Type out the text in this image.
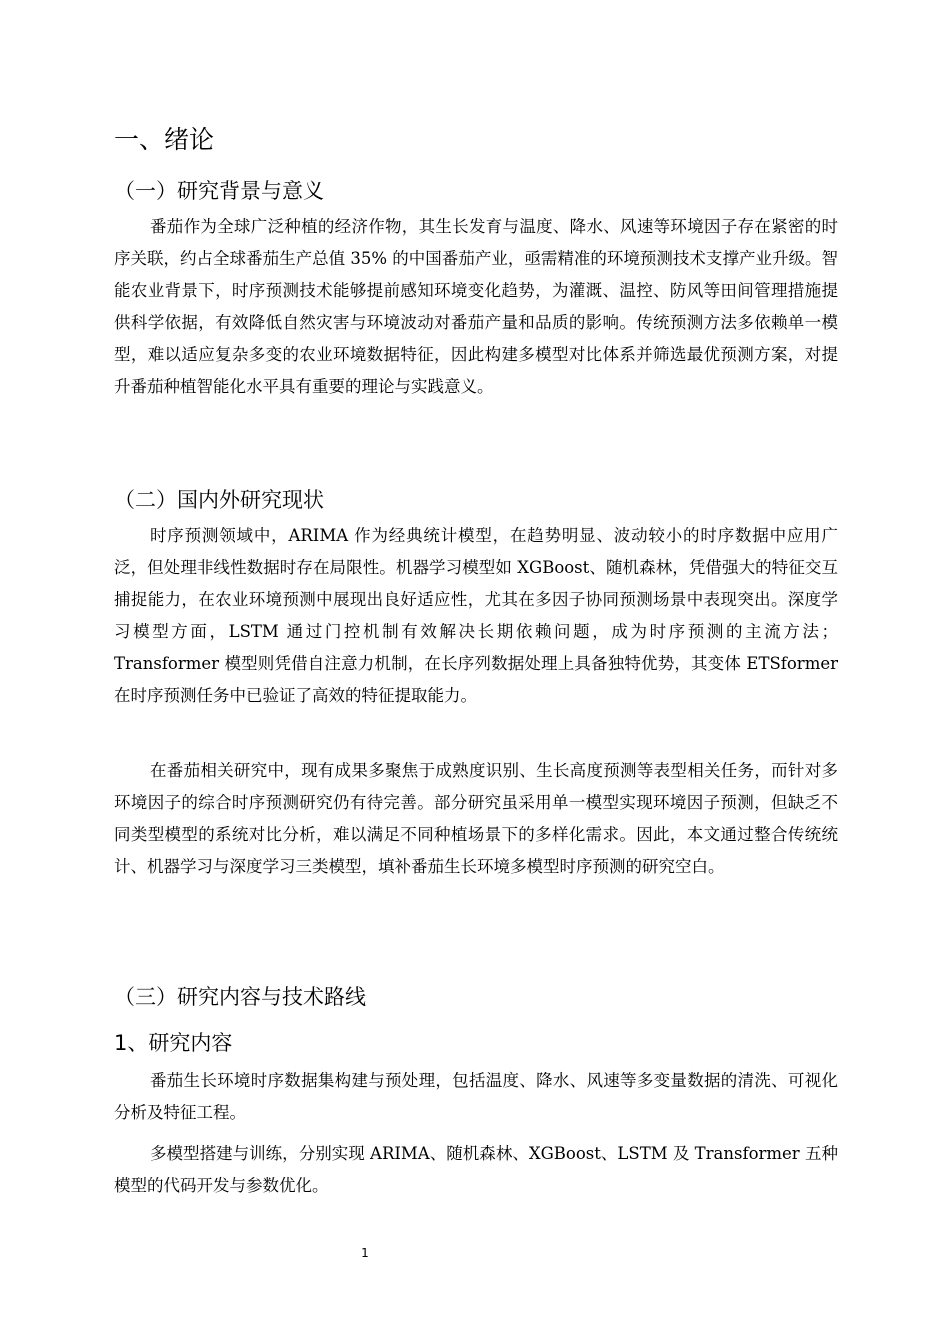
一、绪论
（一）研究背景与意义

番茄作为全球广泛种植的经济作物，其生长发育与温度、降水、风速等环境因子存在紧密的时序关联，约占全球番茄生产总值 35% 的中国番茄产业，亟需精准的环境预测技术支撑产业升级。智能农业背景下，时序预测技术能够提前感知环境变化趋势，为灌溉、温控、防风等田间管理措施提供科学依据，有效降低自然灾害与环境波动对番茄产量和品质的影响。传统预测方法多依赖单一模型，难以适应复杂多变的农业环境数据特征，因此构建多模型对比体系并筛选最优预测方案，对提升番茄种植智能化水平具有重要的理论与实践意义。

（二）国内外研究现状

时序预测领域中，ARIMA 作为经典统计模型，在趋势明显、波动较小的时序数据中应用广泛，但处理非线性数据时存在局限性。机器学习模型如 XGBoost、随机森林，凭借强大的特征交互捕捉能力，在农业环境预测中展现出良好适应性，尤其在多因子协同预测场景中表现突出。深度学习模型方面，LSTM 通过门控机制有效解决长期依赖问题，成为时序预测的主流方法；Transformer 模型则凭借自注意力机制，在长序列数据处理上具备独特优势，其变体 ETSformer 在时序预测任务中已验证了高效的特征提取能力。

在番茄相关研究中，现有成果多聚焦于成熟度识别、生长高度预测等表型相关任务，而针对多环境因子的综合时序预测研究仍有待完善。部分研究虽采用单一模型实现环境因子预测，但缺乏不同类型模型的系统对比分析，难以满足不同种植场景下的多样化需求。因此，本文通过整合传统统计、机器学习与深度学习三类模型，填补番茄生长环境多模型时序预测的研究空白。

（三）研究内容与技术路线
1、研究内容

番茄生长环境时序数据集构建与预处理，包括温度、降水、风速等多变量数据的清洗、可视化分析及特征工程。

多模型搭建与训练，分别实现 ARIMA、随机森林、XGBoost、LSTM 及 Transformer 五种模型的代码开发与参数优化。

1
